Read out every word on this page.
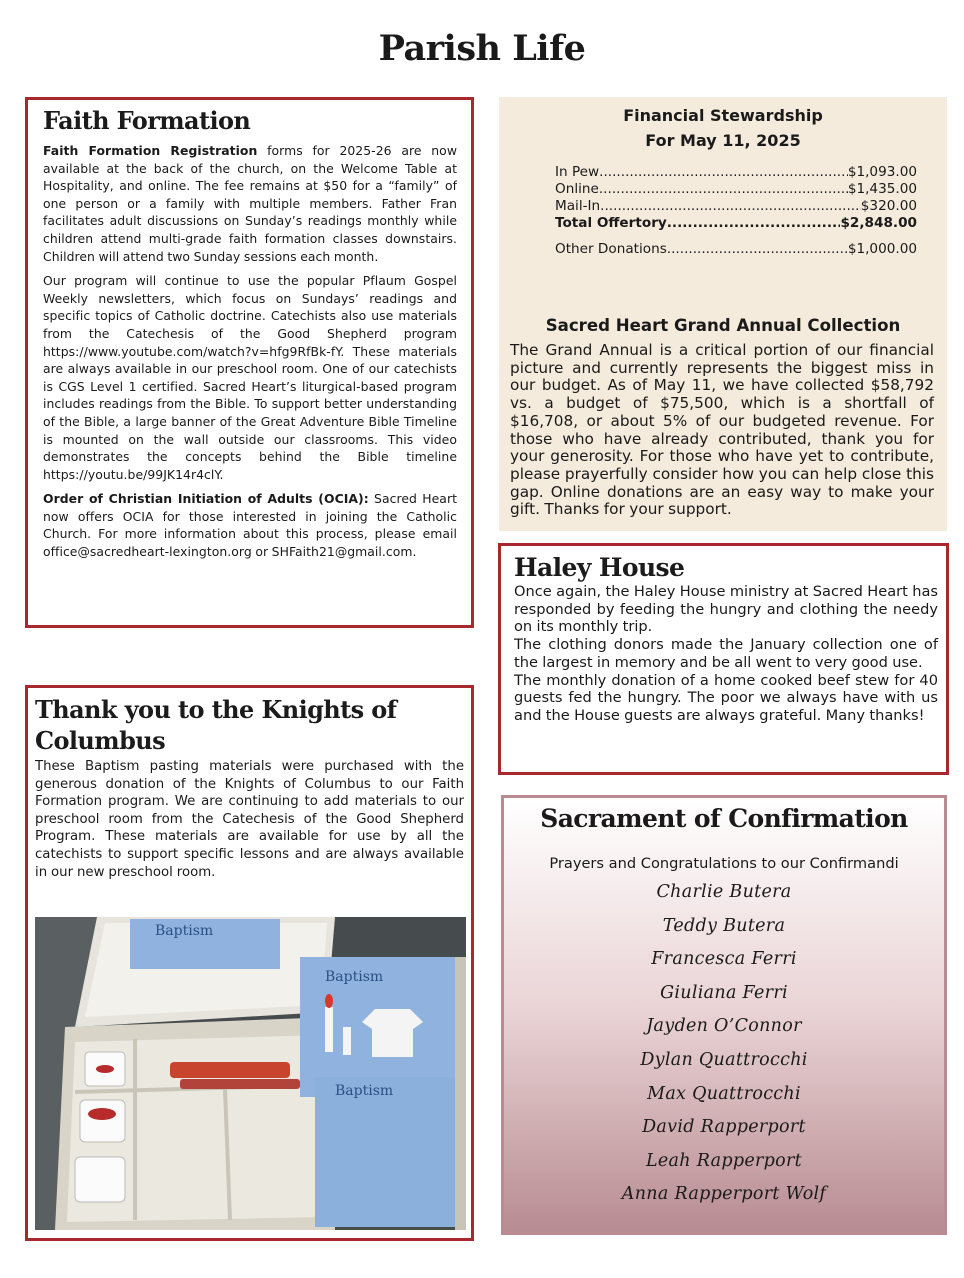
Parish Life
Faith Formation

Faith Formation Registration forms for 2025-26 are now available at the back of the church, on the Welcome Table at Hospitality, and online. The fee remains at $50 for a “family” of one person or a family with multiple members. Father Fran facilitates adult discussions on Sunday’s readings monthly while children attend multi-grade faith formation classes downstairs. Children will attend two Sunday sessions each month.

Our program will continue to use the popular Pflaum Gospel Weekly newsletters, which focus on Sundays’ readings and specific topics of Catholic doctrine. Catechists also use materials from the Catechesis of the Good Shepherd program https://www.youtube.com/watch?v=hfg9RfBk-fY. These materials are always available in our preschool room. One of our catechists is CGS Level 1 certified. Sacred Heart’s liturgical-based program includes readings from the Bible. To support better understanding of the Bible, a large banner of the Great Adventure Bible Timeline is mounted on the wall outside our classrooms. This video demonstrates the concepts behind the Bible timeline https://youtu.be/99JK14r4clY.

Order of Christian Initiation of Adults (OCIA): Sacred Heart now offers OCIA for those interested in joining the Catholic Church. For more information about this process, please email office@sacredheart-lexington.org or SHFaith21@gmail.com.

Thank you to the Knights of Columbus

These Baptism pasting materials were purchased with the generous donation of the Knights of Columbus to our Faith Formation program. We are continuing to add materials to our preschool room from the Catechesis of the Good Shepherd Program. These materials are available for use by all the catechists to support specific lessons and are always available in our new preschool room.

Baptism
Baptism
Baptism
Financial Stewardship
For May 11, 2025
In Pew .....	$1,093.00
Online .....	$1,435.00
Mail-In .....	$320.00
Total Offertory .....	$2,848.00
Other Donations .....	$1,000.00
Sacred Heart Grand Annual Collection
The Grand Annual is a critical portion of our financial picture and currently represents the biggest miss in our budget. As of May 11, we have collected $58,792 vs. a budget of $75,500, which is a shortfall of $16,708, or about 5% of our budgeted revenue. For those who have already contributed, thank you for your generosity. For those who have yet to contribute, please prayerfully consider how you can help close this gap. Online donations are an easy way to make your gift. Thanks for your support.
Haley House

Once again, the Haley House ministry at Sacred Heart has responded by feeding the hungry and clothing the needy on its monthly trip.

The clothing donors made the January collection one of the largest in memory and be all went to very good use.

The monthly donation of a home cooked beef stew for 40 guests fed the hungry. The poor we always have with us and the House guests are always grateful. Many thanks!

Sacrament of Confirmation
Prayers and Congratulations to our Confirmandi
Charlie Butera
Teddy Butera
Francesca Ferri
Giuliana Ferri
Jayden O’Connor
Dylan Quattrocchi
Max Quattrocchi
David Rapperport
Leah Rapperport
Anna Rapperport Wolf
